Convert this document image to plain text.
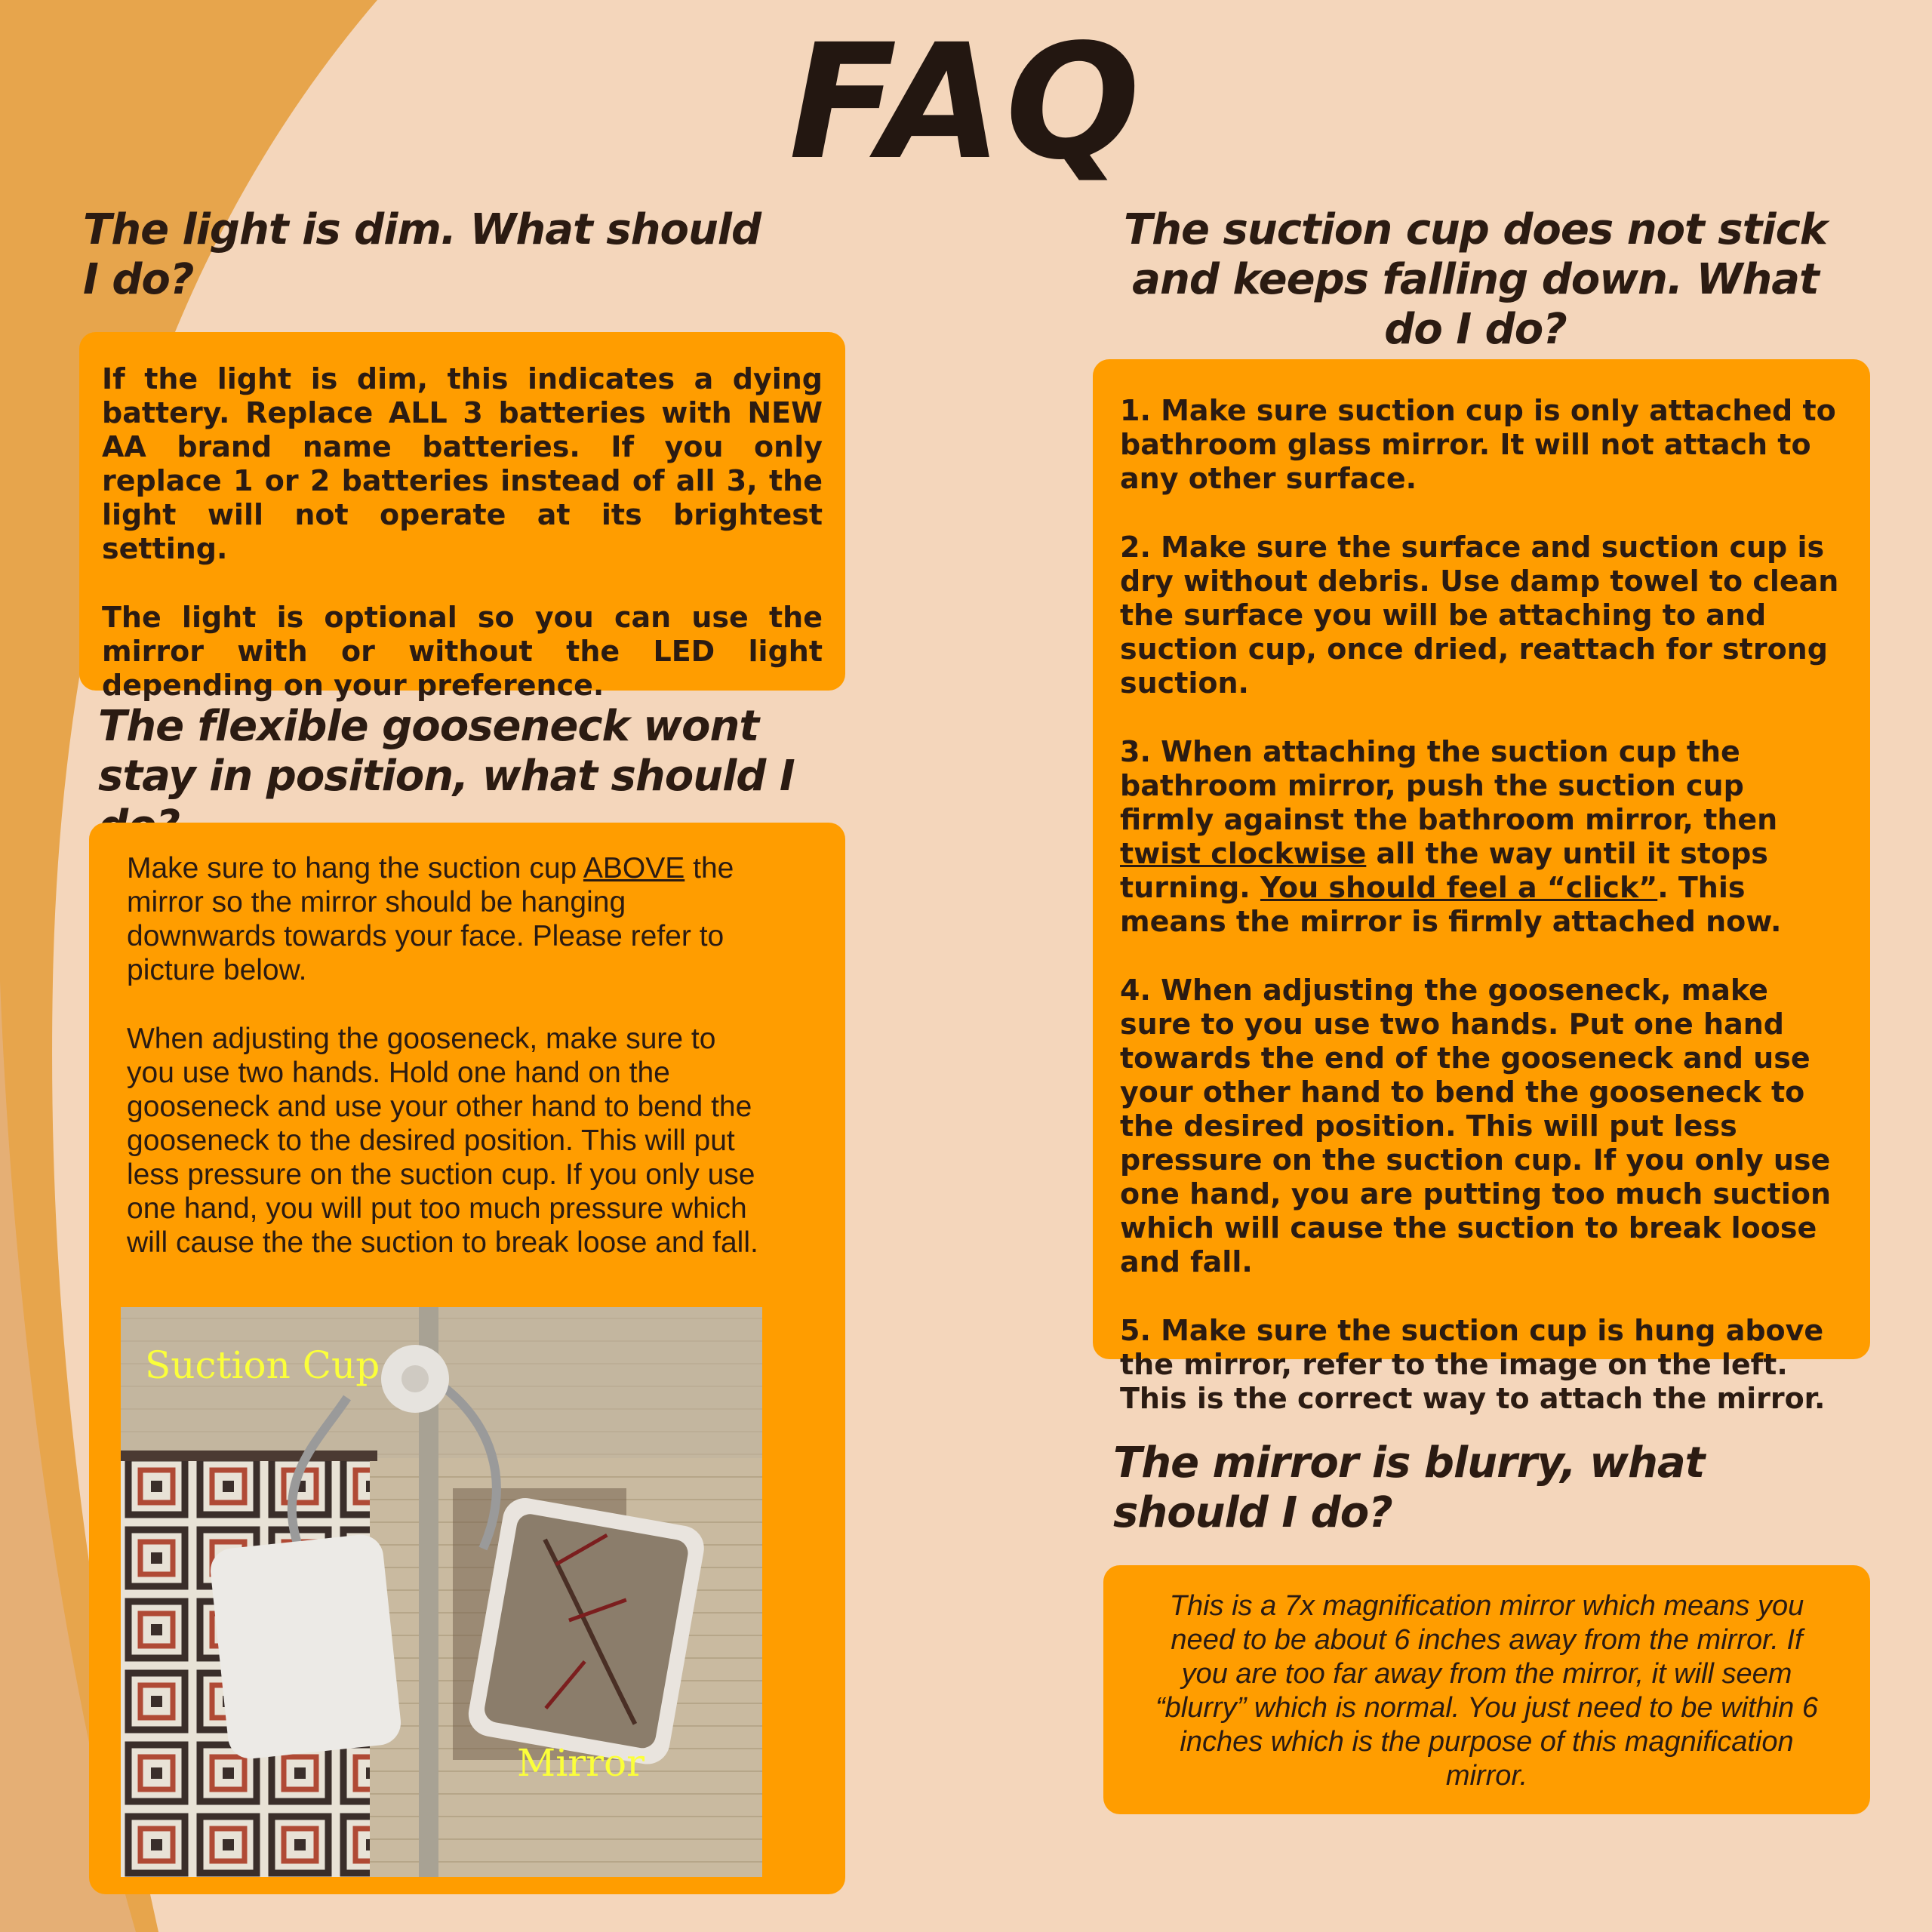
FAQ
The light is dim. What should I do?

If the light is dim, this indicates a dying battery. Replace ALL 3 batteries with NEW AA brand name batteries. If you only replace 1 or 2 batteries instead of all 3, the light will not operate at its brightest setting.

The light is optional so you can use the mirror with or without the LED light depending on your preference.

The flexible gooseneck wont stay in position, what should I

Make sure to hang the suction cup ABOVE the mirror so the mirror should be hanging downwards towards your face. Please refer to picture below.

When adjusting the gooseneck, make sure to you use two hands. Hold one hand on the gooseneck and use your other hand to bend the gooseneck to the desired position. This will put less pressure on the suction cup. If you only use one hand, you will put too much pressure which will cause the the suction to break loose and fall.

Suction Cup
Mirror
The suction cup does not stick and keeps falling down. What do I do?

1. Make sure suction cup is only attached to bathroom glass mirror. It will not attach to any other surface.

2. Make sure the surface and suction cup is dry without debris. Use damp towel to clean the surface you will be attaching to and suction cup, once dried, reattach for strong suction.

3. When attaching the suction cup the bathroom mirror, push the suction cup firmly against the bathroom mirror, then twist clockwise all the way until it stops turning. You should feel a “click”. This means the mirror is firmly attached now.

4. When adjusting the gooseneck, make sure to you use two hands. Put one hand towards the end of the gooseneck and use your other hand to bend the gooseneck to the desired position. This will put less pressure on the suction cup. If you only use one hand, you are putting too much suction which will cause the suction to break loose and fall.

5. Make sure the suction cup is hung above the mirror, refer to the image on the left. This is the correct way to attach the mirror.

The mirror is blurry, what should I do?

This is a 7x magnification mirror which means you need to be about 6 inches away from the mirror. If you are too far away from the mirror, it will seem “blurry” which is normal. You just need to be within 6 inches which is the purpose of this magnification mirror.
